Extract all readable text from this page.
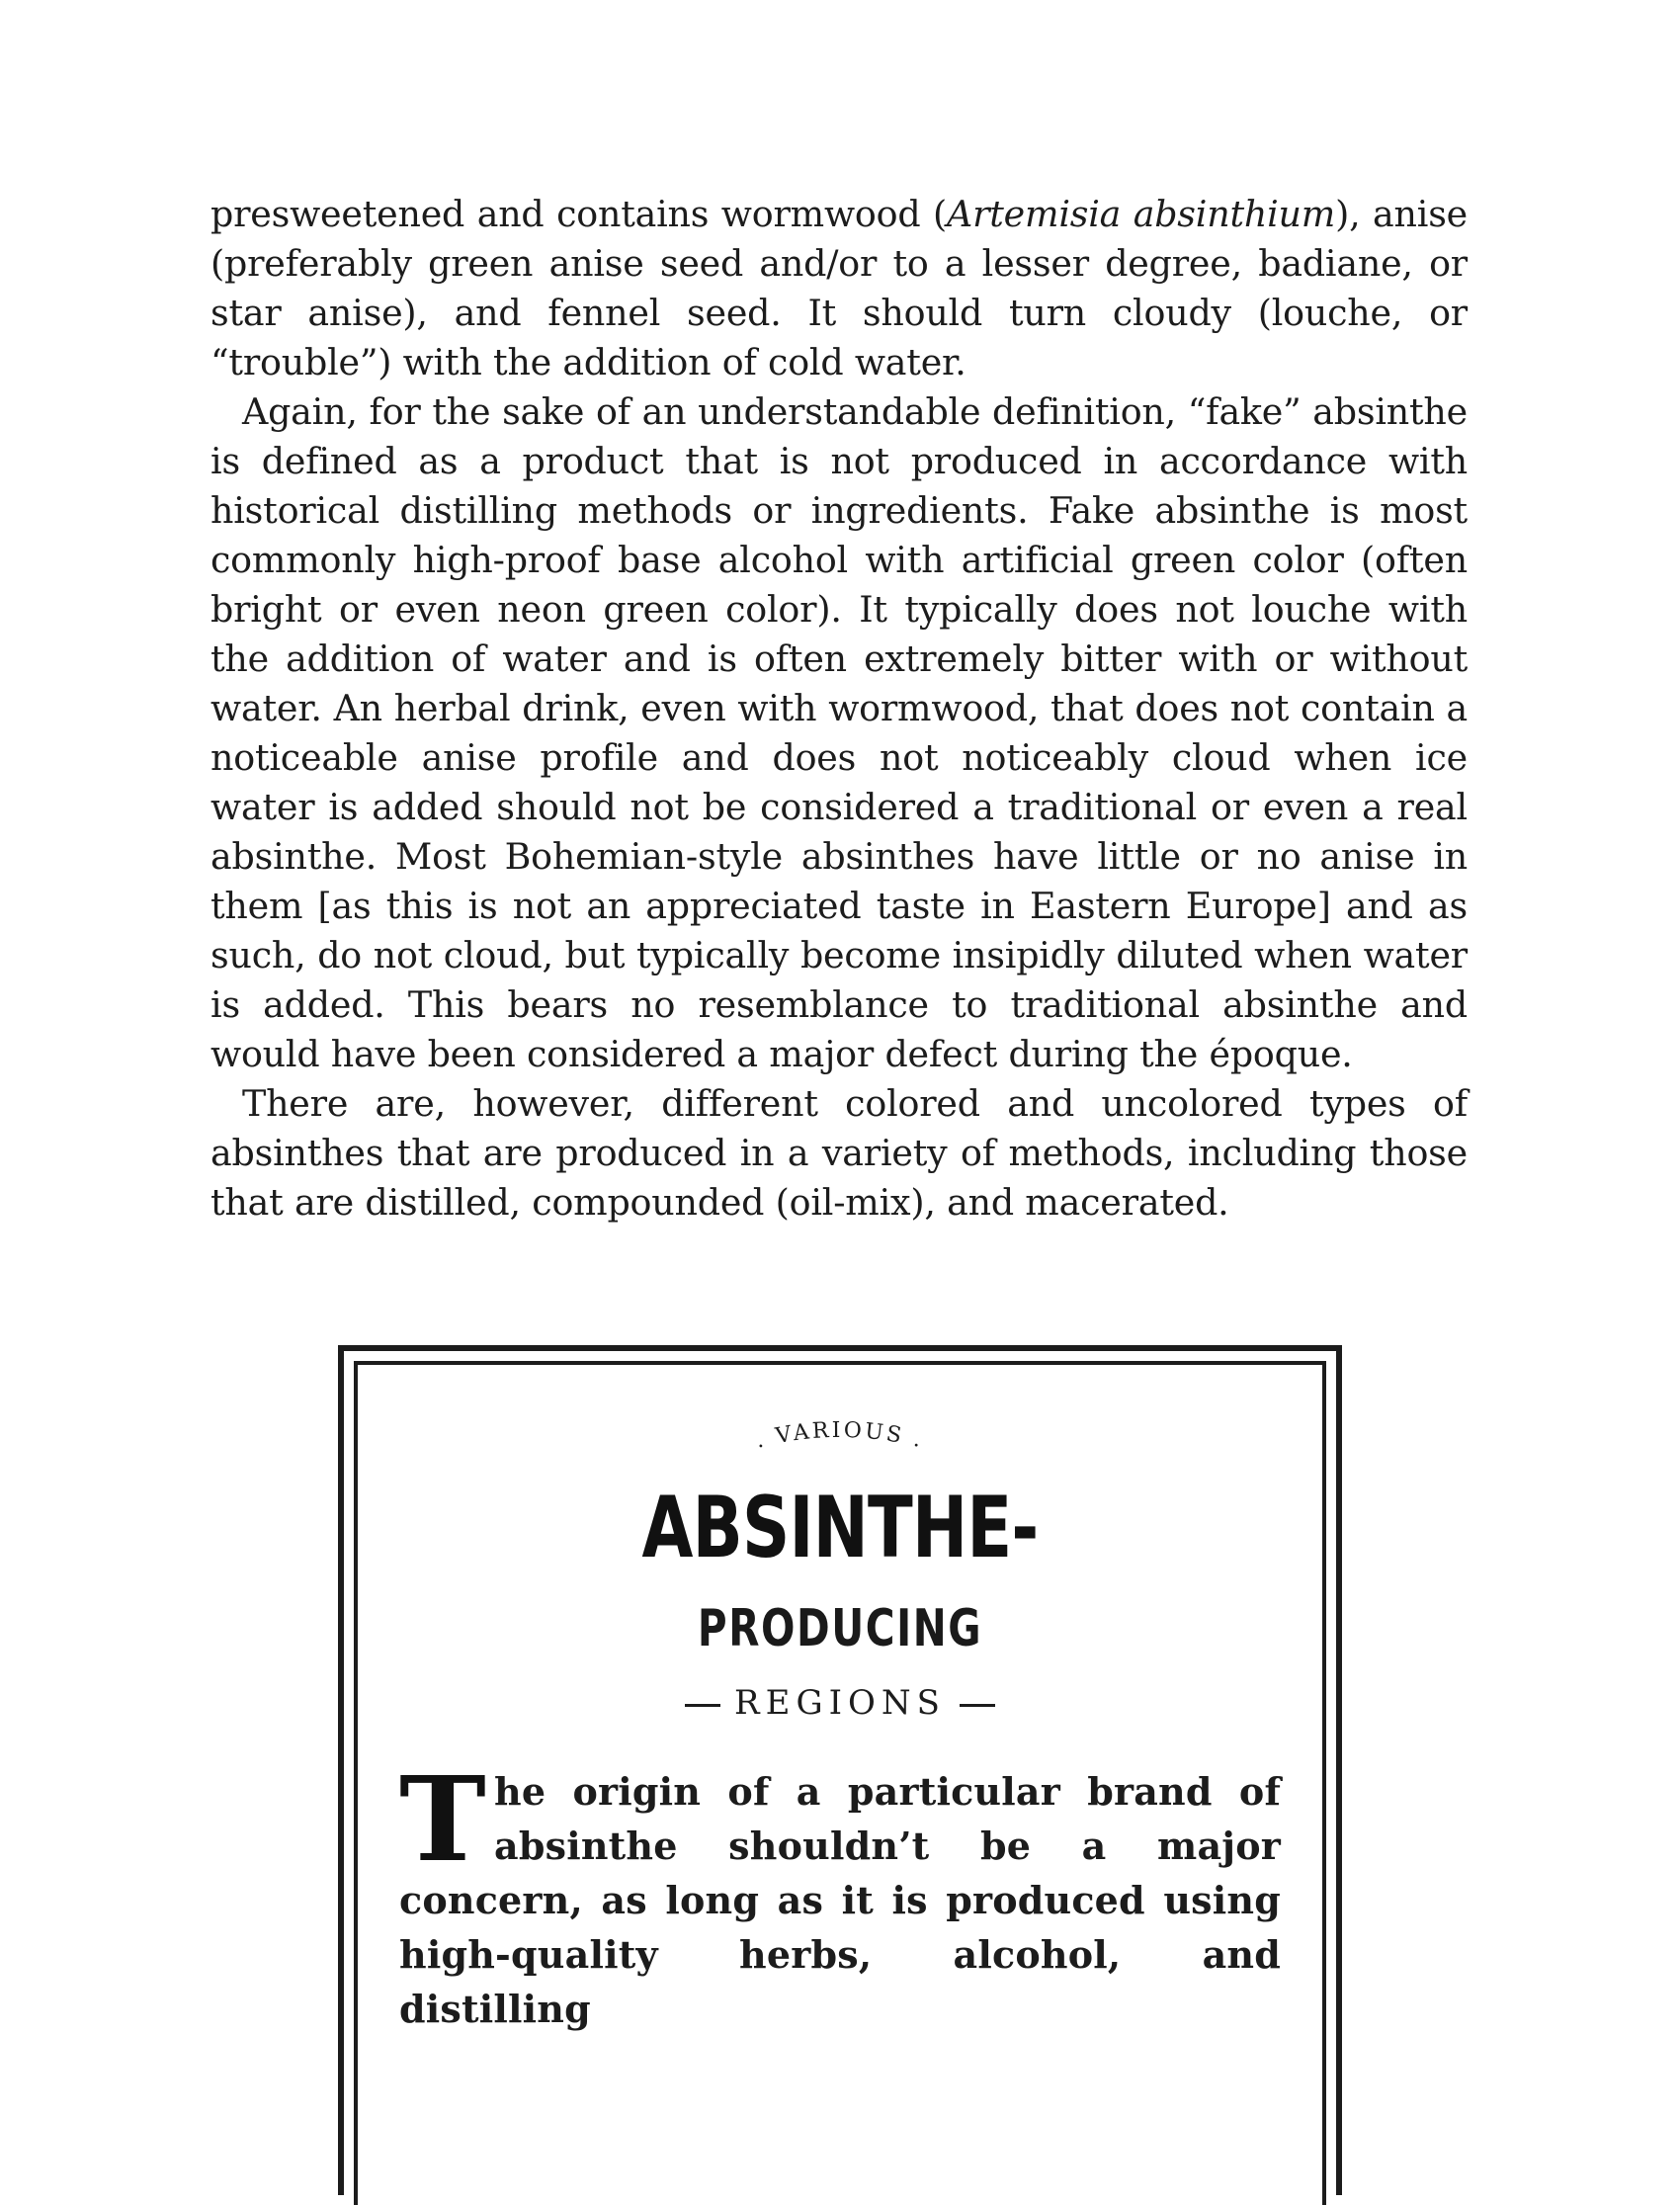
presweetened and contains wormwood (Artemisia absinthium), anise (preferably green anise seed and/or to a lesser degree, badiane, or star anise), and fennel seed. It should turn cloudy (louche, or “trouble”) with the addition of cold water.

Again, for the sake of an understandable definition, “fake” absinthe is defined as a product that is not produced in accordance with historical distilling methods or ingredients. Fake absinthe is most commonly high-proof base alcohol with artificial green color (often bright or even neon green color). It typically does not louche with the addition of water and is often extremely bitter with or without water. An herbal drink, even with wormwood, that does not contain a noticeable anise profile and does not noticeably cloud when ice water is added should not be considered a traditional or even a real absinthe. Most Bohemian-style absinthes have little or no anise in them [as this is not an appreciated taste in Eastern Europe] and as such, do not cloud, but typically become insipidly diluted when water is added. This bears no resemblance to traditional absinthe and would have been considered a major defect during the époque.

There are, however, different colored and uncolored types of absinthes that are produced in a variety of methods, including those that are distilled, compounded (oil-mix), and macerated.

. VARIOUS .
ABSINTHE-
PRODUCING
REGIONS
The origin of a particular brand of absinthe shouldn’t be a major concern, as long as it is produced using high-quality herbs, alcohol, and distilling
